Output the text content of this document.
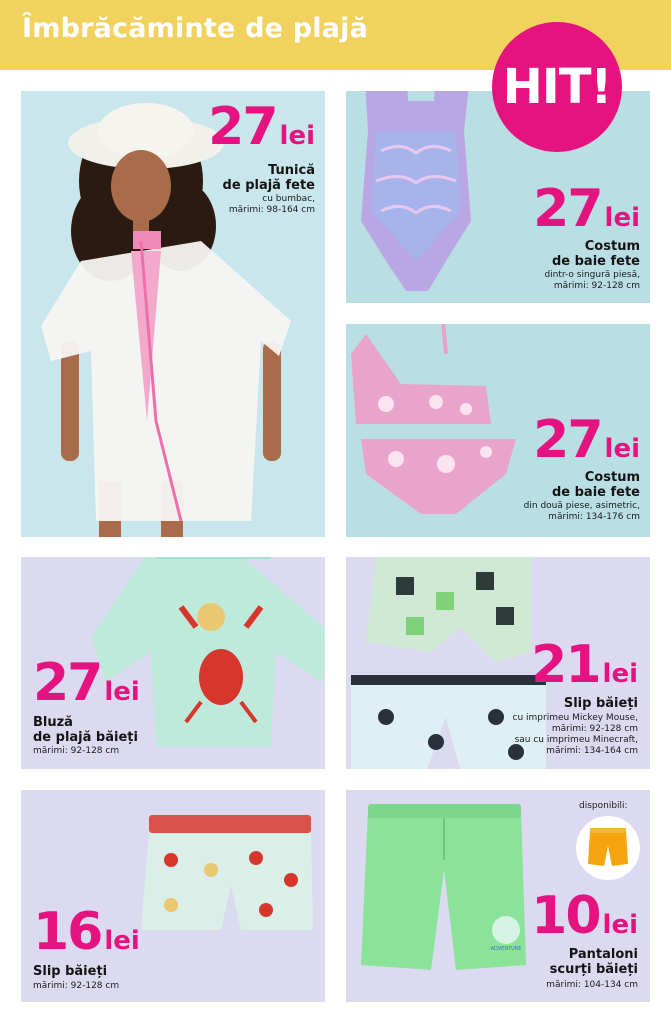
Îmbrăcăminte de plajă
HIT!
27 lei
Tunică
de plajă fete
cu bumbac,
mărimi: 98-164 cm	27 lei
Costum
de baie fete
dintr-o singură piesă,
mărimi: 92-128 cm
27 lei
Costum
de baie fete
din două piese, asimetric,
mărimi: 134-176 cm
27 lei
Bluză
de plajă băieți
mărimi: 92-128 cm
21 lei
Slip băieți
cu imprimeu Mickey Mouse,
mărimi: 92-128 cm
sau cu imprimeu Minecraft,
mărimi: 134-164 cm
16 lei
Slip băieți
mărimi: 92-128 cm
ADVENTURE
10 lei
Pantaloni
scurți băieți
mărimi: 104-134 cm
disponibili:
